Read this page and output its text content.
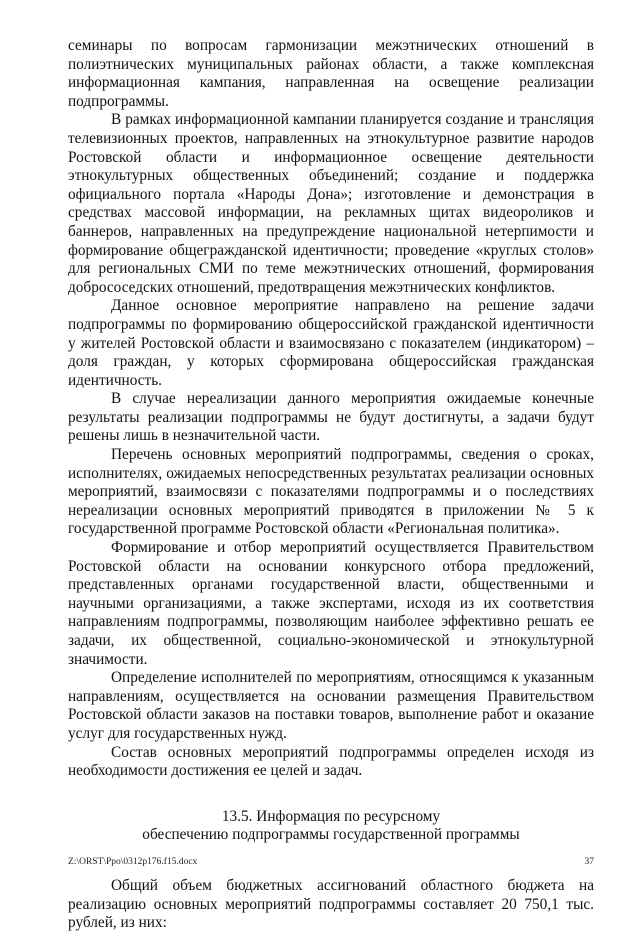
семинары по вопросам гармонизации межэтнических отношений в полиэтнических муниципальных районах области, а также комплексная информационная кампания, направленная на освещение реализации подпрограммы.

В рамках информационной кампании планируется создание и трансляция телевизионных проектов, направленных на этнокультурное развитие народов Ростовской области и информационное освещение деятельности этнокультурных общественных объединений; создание и поддержка официального портала «Народы Дона»; изготовление и демонстрация в средствах массовой информации, на рекламных щитах видеороликов и баннеров, направленных на предупреждение национальной нетерпимости и формирование общегражданской идентичности; проведение «круглых столов» для региональных СМИ по теме межэтнических отношений, формирования добрососедских отношений, предотвращения межэтнических конфликтов.

Данное основное мероприятие направлено на решение задачи подпрограммы по формированию общероссийской гражданской идентичности у жителей Ростовской области и взаимосвязано с показателем (индикатором) – доля граждан, у которых сформирована общероссийская гражданская идентичность.

В случае нереализации данного мероприятия ожидаемые конечные результаты реализации подпрограммы не будут достигнуты, а задачи будут решены лишь в незначительной части.

Перечень основных мероприятий подпрограммы, сведения о сроках, исполнителях, ожидаемых непосредственных результатах реализации основных мероприятий, взаимосвязи с показателями подпрограммы и о последствиях нереализации основных мероприятий приводятся в приложении № 5 к государственной программе Ростовской области «Региональная политика».

Формирование и отбор мероприятий осуществляется Правительством Ростовской области на основании конкурсного отбора предложений, представленных органами государственной власти, общественными и научными организациями, а также экспертами, исходя из их соответствия направлениям подпрограммы, позволяющим наиболее эффективно решать ее задачи, их общественной, социально-экономической и этнокультурной значимости.

Определение исполнителей по мероприятиям, относящимся к указанным направлениям, осуществляется на основании размещения Правительством Ростовской области заказов на поставки товаров, выполнение работ и оказание услуг для государственных нужд.

Состав основных мероприятий подпрограммы определен исходя из необходимости достижения ее целей и задач.

13.5. Информация по ресурсному
обеспечению подпрограммы государственной программы

Общий объем бюджетных ассигнований областного бюджета на реализацию основных мероприятий подпрограммы составляет 20 750,1 тыс. рублей, из них:

Z:\ORST\Ppo\0312p176.f15.docx	37
